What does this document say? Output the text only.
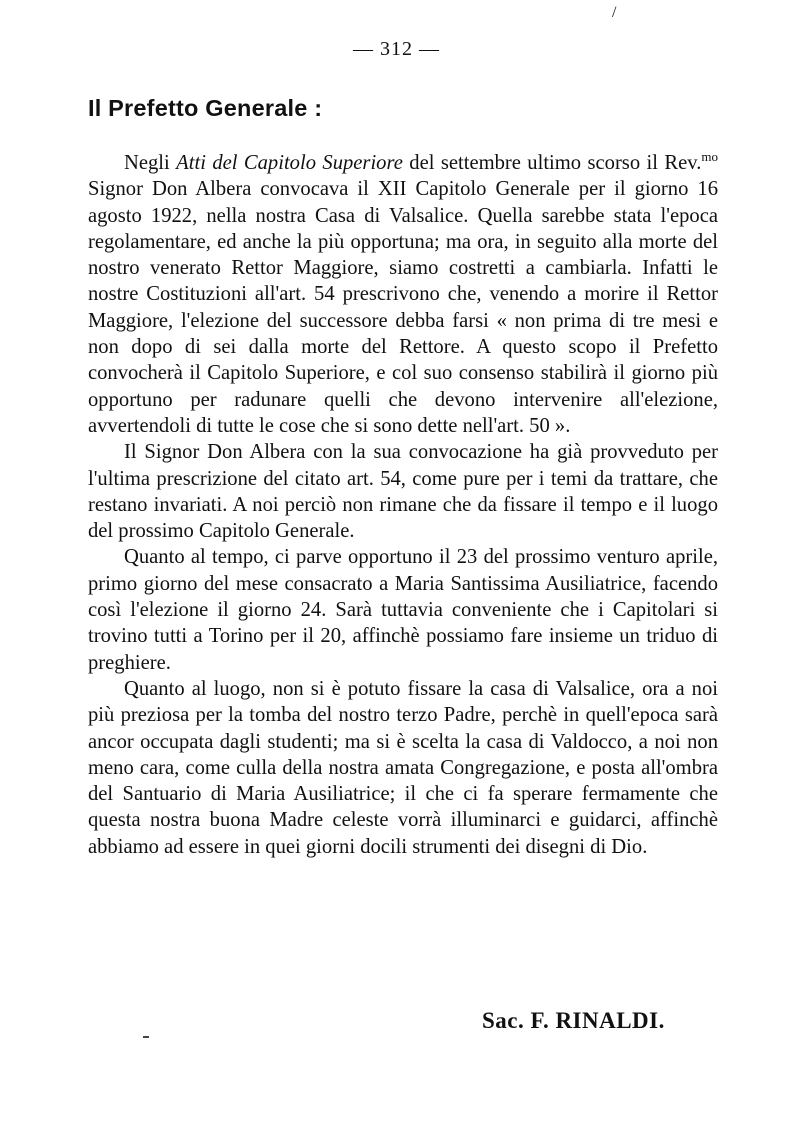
/
— 312 —
Il Prefetto Generale :

Negli Atti del Capitolo Superiore del settembre ultimo scorso il Rev.$^{mo}$ Signor Don Albera convocava il XII Capitolo Generale per il giorno 16 agosto 1922, nella nostra Casa di Valsalice. Quella sarebbe stata l'epoca regolamentare, ed anche la più opportuna; ma ora, in seguito alla morte del nostro venerato Rettor Maggiore, siamo costretti a cambiarla. Infatti le nostre Costituzioni all'art. 54 prescrivono che, venendo a morire il Rettor Maggiore, l'elezione del successore debba farsi « non prima di tre mesi e non dopo di sei dalla morte del Rettore. A questo scopo il Prefetto convocherà il Capitolo Superiore, e col suo consenso stabilirà il giorno più opportuno per radunare quelli che devono intervenire all'elezione, avvertendoli di tutte le cose che si sono dette nell'art. 50 ».

Il Signor Don Albera con la sua convocazione ha già provveduto per l'ultima prescrizione del citato art. 54, come pure per i temi da trattare, che restano invariati. A noi perciò non rimane che da fissare il tempo e il luogo del prossimo Capitolo Generale.

Quanto al tempo, ci parve opportuno il 23 del prossimo venturo aprile, primo giorno del mese consacrato a Maria Santissima Ausiliatrice, facendo così l'elezione il giorno 24. Sarà tuttavia conveniente che i Capitolari si trovino tutti a Torino per il 20, affinchè possiamo fare insieme un triduo di preghiere.

Quanto al luogo, non si è potuto fissare la casa di Valsalice, ora a noi più preziosa per la tomba del nostro terzo Padre, perchè in quell'epoca sarà ancor occupata dagli studenti; ma si è scelta la casa di Valdocco, a noi non meno cara, come culla della nostra amata Congregazione, e posta all'ombra del Santuario di Maria Ausiliatrice; il che ci fa sperare fermamente che questa nostra buona Madre celeste vorrà illuminarci e guidarci, affinchè abbiamo ad essere in quei giorni docili strumenti dei disegni di Dio.

Sac. F. RINALDI.
